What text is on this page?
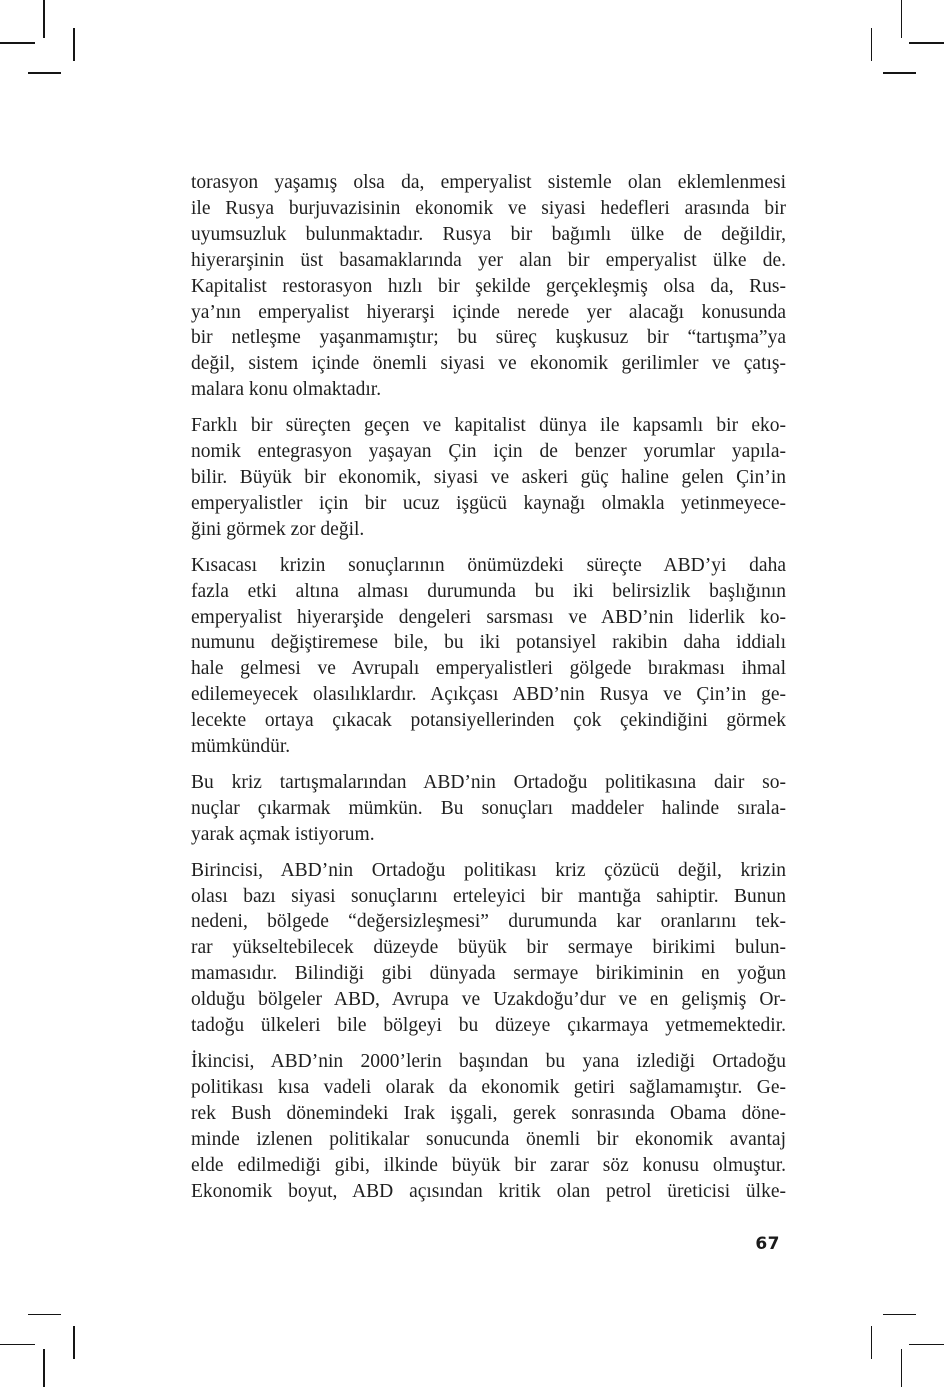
torasyon yaşamış olsa da, emperyalist sistemle olan eklemlenmesi
ile Rusya burjuvazisinin ekonomik ve siyasi hedefleri arasında bir
uyumsuzluk bulunmaktadır. Rusya bir bağımlı ülke de değildir,
hiyerarşinin üst basamaklarında yer alan bir emperyalist ülke de.
Kapitalist restorasyon hızlı bir şekilde gerçekleşmiş olsa da, Rus-
ya’nın emperyalist hiyerarşi içinde nerede yer alacağı konusunda
bir netleşme yaşanmamıştır; bu süreç kuşkusuz bir “tartışma”ya
değil, sistem içinde önemli siyasi ve ekonomik gerilimler ve çatış-
malara konu olmaktadır.

Farklı bir süreçten geçen ve kapitalist dünya ile kapsamlı bir eko-
nomik entegrasyon yaşayan Çin için de benzer yorumlar yapıla-
bilir. Büyük bir ekonomik, siyasi ve askeri güç haline gelen Çin’in
emperyalistler için bir ucuz işgücü kaynağı olmakla yetinmeyece-
ğini görmek zor değil.

Kısacası krizin sonuçlarının önümüzdeki süreçte ABD’yi daha
fazla etki altına alması durumunda bu iki belirsizlik başlığının
emperyalist hiyerarşide dengeleri sarsması ve ABD’nin liderlik ko-
numunu değiştiremese bile, bu iki potansiyel rakibin daha iddialı
hale gelmesi ve Avrupalı emperyalistleri gölgede bırakması ihmal
edilemeyecek olasılıklardır. Açıkçası ABD’nin Rusya ve Çin’in ge-
lecekte ortaya çıkacak potansiyellerinden çok çekindiğini görmek
mümkündür.

Bu kriz tartışmalarından ABD’nin Ortadoğu politikasına dair so-
nuçlar çıkarmak mümkün. Bu sonuçları maddeler halinde sırala-
yarak açmak istiyorum.

Birincisi, ABD’nin Ortadoğu politikası kriz çözücü değil, krizin
olası bazı siyasi sonuçlarını erteleyici bir mantığa sahiptir. Bunun
nedeni, bölgede “değersizleşmesi” durumunda kar oranlarını tek-
rar yükseltebilecek düzeyde büyük bir sermaye birikimi bulun-
mamasıdır. Bilindiği gibi dünyada sermaye birikiminin en yoğun
olduğu bölgeler ABD, Avrupa ve Uzakdoğu’dur ve en gelişmiş Or-
tadoğu ülkeleri bile bölgeyi bu düzeye çıkarmaya yetmemektedir.

İkincisi, ABD’nin 2000’lerin başından bu yana izlediği Ortadoğu
politikası kısa vadeli olarak da ekonomik getiri sağlamamıştır. Ge-
rek Bush dönemindeki Irak işgali, gerek sonrasında Obama döne-
minde izlenen politikalar sonucunda önemli bir ekonomik avantaj
elde edilmediği gibi, ilkinde büyük bir zarar söz konusu olmuştur.
Ekonomik boyut, ABD açısından kritik olan petrol üreticisi ülke-

67
